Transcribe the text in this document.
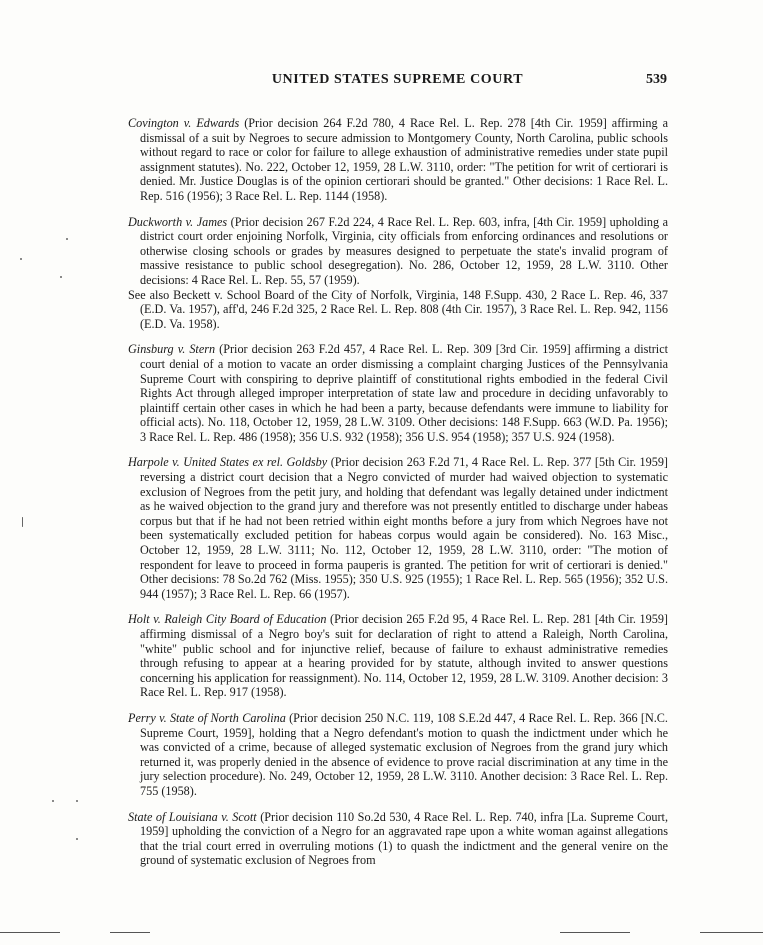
UNITED STATES SUPREME COURT	539

Covington v. Edwards (Prior decision 264 F.2d 780, 4 Race Rel. L. Rep. 278 [4th Cir. 1959] affirming a dismissal of a suit by Negroes to secure admission to Montgomery County, North Carolina, public schools without regard to race or color for failure to allege exhaustion of administrative remedies under state pupil assignment statutes). No. 222, October 12, 1959, 28 L.W. 3110, order: "The petition for writ of certiorari is denied. Mr. Justice Douglas is of the opinion certiorari should be granted." Other decisions: 1 Race Rel. L. Rep. 516 (1956); 3 Race Rel. L. Rep. 1144 (1958).

Duckworth v. James (Prior decision 267 F.2d 224, 4 Race Rel. L. Rep. 603, infra, [4th Cir. 1959] upholding a district court order enjoining Norfolk, Virginia, city officials from enforcing ordinances and resolutions or otherwise closing schools or grades by measures designed to perpetuate the state's invalid program of massive resistance to public school desegregation). No. 286, October 12, 1959, 28 L.W. 3110. Other decisions: 4 Race Rel. L. Rep. 55, 57 (1959).

See also Beckett v. School Board of the City of Norfolk, Virginia, 148 F.Supp. 430, 2 Race L. Rep. 46, 337 (E.D. Va. 1957), aff'd, 246 F.2d 325, 2 Race Rel. L. Rep. 808 (4th Cir. 1957), 3 Race Rel. L. Rep. 942, 1156 (E.D. Va. 1958).

Ginsburg v. Stern (Prior decision 263 F.2d 457, 4 Race Rel. L. Rep. 309 [3rd Cir. 1959] affirming a district court denial of a motion to vacate an order dismissing a complaint charging Justices of the Pennsylvania Supreme Court with conspiring to deprive plaintiff of constitutional rights embodied in the federal Civil Rights Act through alleged improper interpretation of state law and procedure in deciding unfavorably to plaintiff certain other cases in which he had been a party, because defendants were immune to liability for official acts). No. 118, October 12, 1959, 28 L.W. 3109. Other decisions: 148 F.Supp. 663 (W.D. Pa. 1956); 3 Race Rel. L. Rep. 486 (1958); 356 U.S. 932 (1958); 356 U.S. 954 (1958); 357 U.S. 924 (1958).

Harpole v. United States ex rel. Goldsby (Prior decision 263 F.2d 71, 4 Race Rel. L. Rep. 377 [5th Cir. 1959] reversing a district court decision that a Negro convicted of murder had waived objection to systematic exclusion of Negroes from the petit jury, and holding that defendant was legally detained under indictment as he waived objection to the grand jury and therefore was not presently entitled to discharge under habeas corpus but that if he had not been retried within eight months before a jury from which Negroes have not been systematically excluded petition for habeas corpus would again be considered). No. 163 Misc., October 12, 1959, 28 L.W. 3111; No. 112, October 12, 1959, 28 L.W. 3110, order: "The motion of respondent for leave to proceed in forma pauperis is granted. The petition for writ of certiorari is denied." Other decisions: 78 So.2d 762 (Miss. 1955); 350 U.S. 925 (1955); 1 Race Rel. L. Rep. 565 (1956); 352 U.S. 944 (1957); 3 Race Rel. L. Rep. 66 (1957).

Holt v. Raleigh City Board of Education (Prior decision 265 F.2d 95, 4 Race Rel. L. Rep. 281 [4th Cir. 1959] affirming dismissal of a Negro boy's suit for declaration of right to attend a Raleigh, North Carolina, "white" public school and for injunctive relief, because of failure to exhaust administrative remedies through refusing to appear at a hearing provided for by statute, although invited to answer questions concerning his application for reassignment). No. 114, October 12, 1959, 28 L.W. 3109. Another decision: 3 Race Rel. L. Rep. 917 (1958).

Perry v. State of North Carolina (Prior decision 250 N.C. 119, 108 S.E.2d 447, 4 Race Rel. L. Rep. 366 [N.C. Supreme Court, 1959], holding that a Negro defendant's motion to quash the indictment under which he was convicted of a crime, because of alleged systematic exclusion of Negroes from the grand jury which returned it, was properly denied in the absence of evidence to prove racial discrimination at any time in the jury selection procedure). No. 249, October 12, 1959, 28 L.W. 3110. Another decision: 3 Race Rel. L. Rep. 755 (1958).

State of Louisiana v. Scott (Prior decision 110 So.2d 530, 4 Race Rel. L. Rep. 740, infra [La. Supreme Court, 1959] upholding the conviction of a Negro for an aggravated rape upon a white woman against allegations that the trial court erred in overruling motions (1) to quash the indictment and the general venire on the ground of systematic exclusion of Negroes from
